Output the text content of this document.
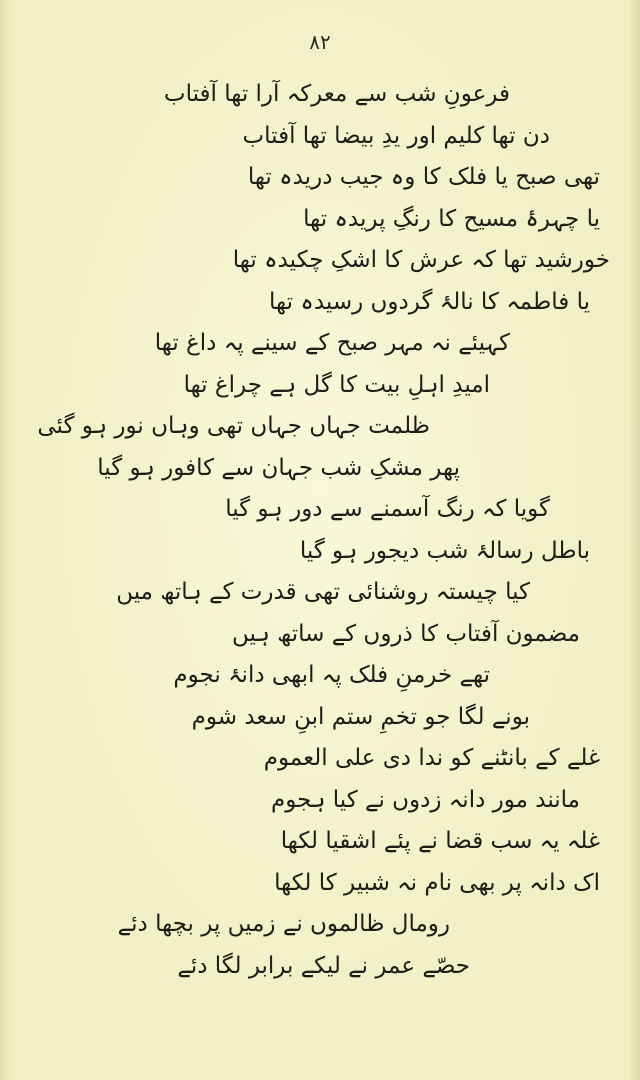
۸۲
فرعونِ شب سے معرکہ آرا تھا آفتاب
دن تھا کلیم اور یدِ بیضا تھا آفتاب
تھی صبح یا فلک کا وہ جیب دریدہ تھا
یا چہرۂ مسیح کا رنگِ پریدہ تھا
خورشید تھا کہ عرش کا اشکِ چکیدہ تھا
یا فاطمہ کا نالۂ گردوں رسیدہ تھا
کہیئے نہ مہر صبح کے سینے پہ داغ تھا
امیدِ اہلِ بیت کا گل ہے چراغ تھا
ظلمت جہاں جہاں تھی وہاں نور ہو گئی
پھر مشکِ شب جہان سے کافور ہو گیا
گویا کہ رنگ آسمنے سے دور ہو گیا
باطل رسالۂ شب دیجور ہو گیا
کیا چیستہ روشنائی تھی قدرت کے ہاتھ میں
مضمون آفتاب کا ذروں کے ساتھ ہیں
تھے خرمنِ فلک پہ ابھی دانۂ نجوم
بونے لگا جو تخمِ ستم ابنِ سعد شوم
غلے کے بانٹنے کو ندا دی علی العموم
مانند مور دانہ زدوں نے کیا ہجوم
غلہ یہ سب قضا نے پئے اشقیا لکھا
اک دانہ پر بھی نام نہ شبیر کا لکھا
رومال ظالموں نے زمیں پر بچھا دئے
حصّے عمر نے لیکے برابر لگا دئے
